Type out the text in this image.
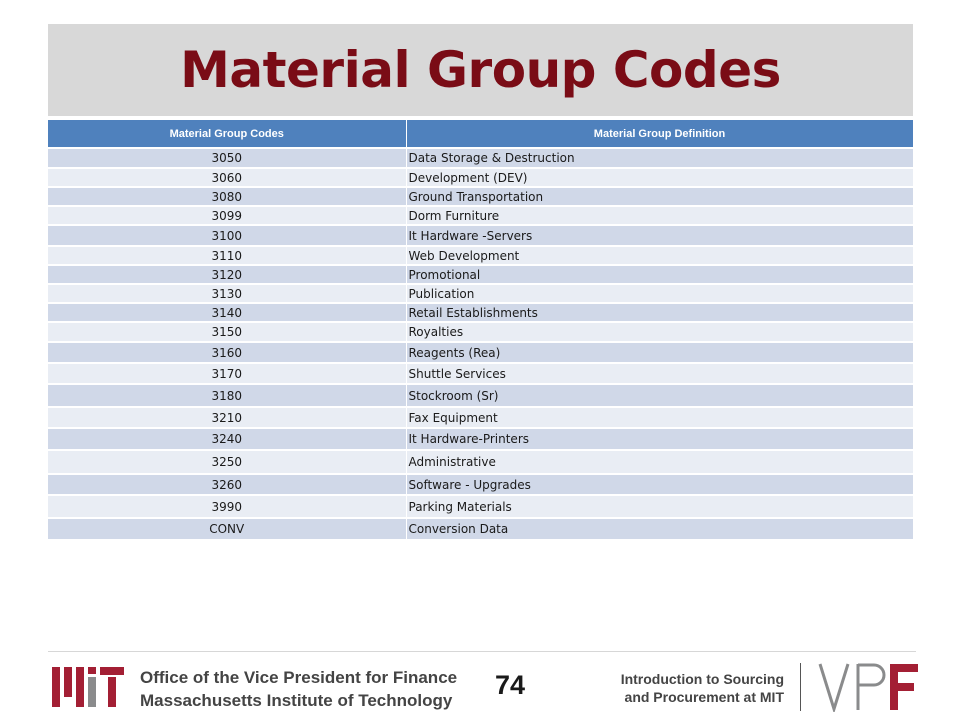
Material Group Codes
Material Group Codes	Material Group Definition
3050	Data Storage & Destruction
3060	Development (DEV)
3080	Ground Transportation
3099	Dorm Furniture
3100	It Hardware -Servers
3110	Web Development
3120	Promotional
3130	Publication
3140	Retail Establishments
3150	Royalties
3160	Reagents (Rea)
3170	Shuttle Services
3180	Stockroom (Sr)
3210	Fax Equipment
3240	It Hardware-Printers
3250	Administrative
3260	Software - Upgrades
3990	Parking Materials
CONV	Conversion Data
Office of the Vice President for Finance
Massachusetts Institute of Technology
74	Introduction to Sourcing
and Procurement at MIT
